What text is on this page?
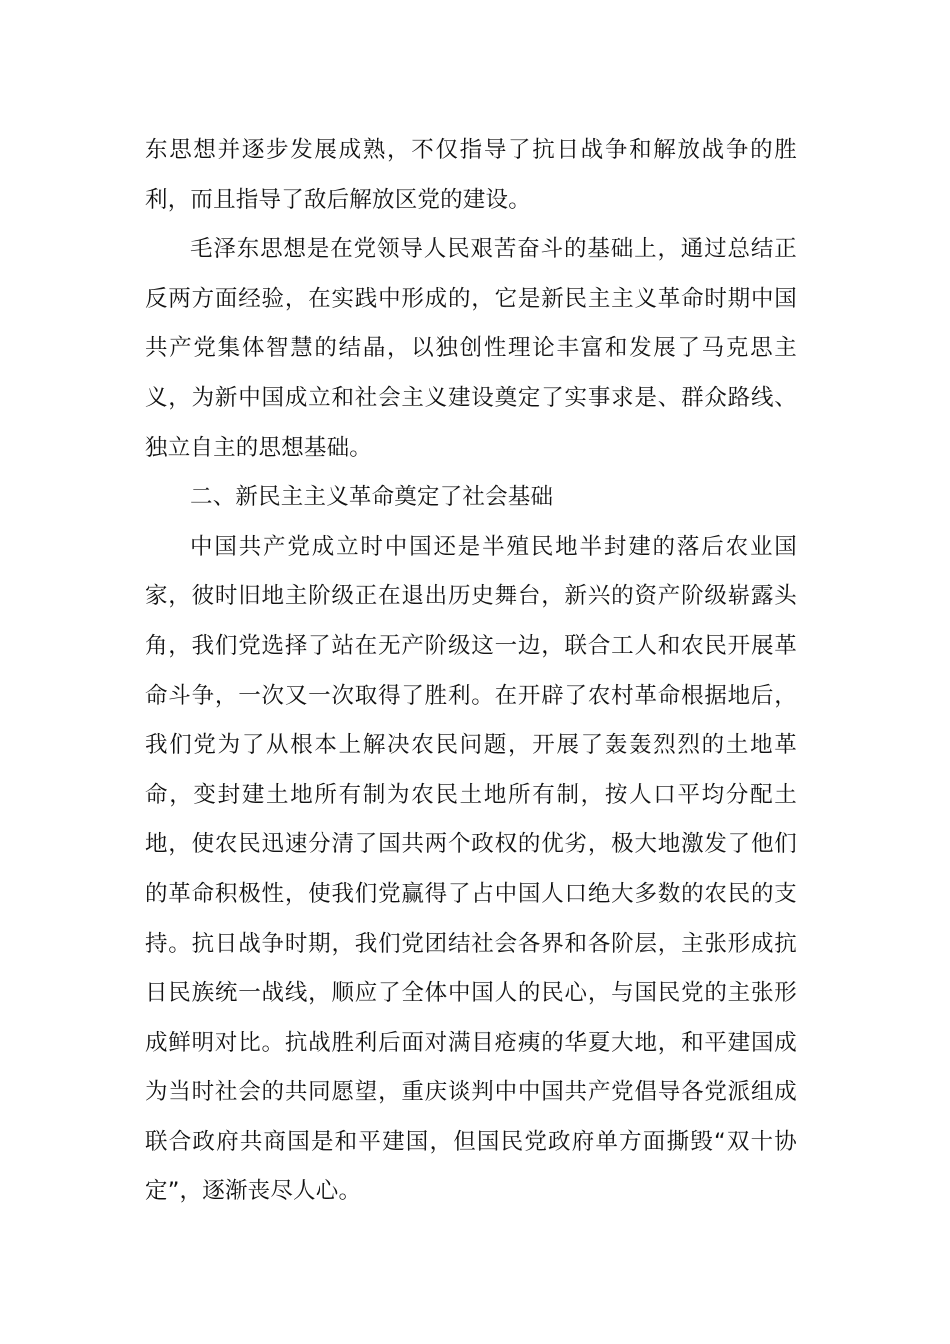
东思想并逐步发展成熟，不仅指导了抗日战争和解放战争的胜利，而且指导了敌后解放区党的建设。

毛泽东思想是在党领导人民艰苦奋斗的基础上，通过总结正反两方面经验，在实践中形成的，它是新民主主义革命时期中国共产党集体智慧的结晶，以独创性理论丰富和发展了马克思主义，为新中国成立和社会主义建设奠定了实事求是、群众路线、独立自主的思想基础。

二、新民主主义革命奠定了社会基础

中国共产党成立时中国还是半殖民地半封建的落后农业国家，彼时旧地主阶级正在退出历史舞台，新兴的资产阶级崭露头角，我们党选择了站在无产阶级这一边，联合工人和农民开展革命斗争，一次又一次取得了胜利。在开辟了农村革命根据地后，我们党为了从根本上解决农民问题，开展了轰轰烈烈的土地革命，变封建土地所有制为农民土地所有制，按人口平均分配土地，使农民迅速分清了国共两个政权的优劣，极大地激发了他们的革命积极性，使我们党赢得了占中国人口绝大多数的农民的支持。抗日战争时期，我们党团结社会各界和各阶层，主张形成抗日民族统一战线，顺应了全体中国人的民心，与国民党的主张形成鲜明对比。抗战胜利后面对满目疮痍的华夏大地，和平建国成为当时社会的共同愿望，重庆谈判中中国共产党倡导各党派组成联合政府共商国是和平建国，但国民党政府单方面撕毁“双十协定”，逐渐丧尽人心。
